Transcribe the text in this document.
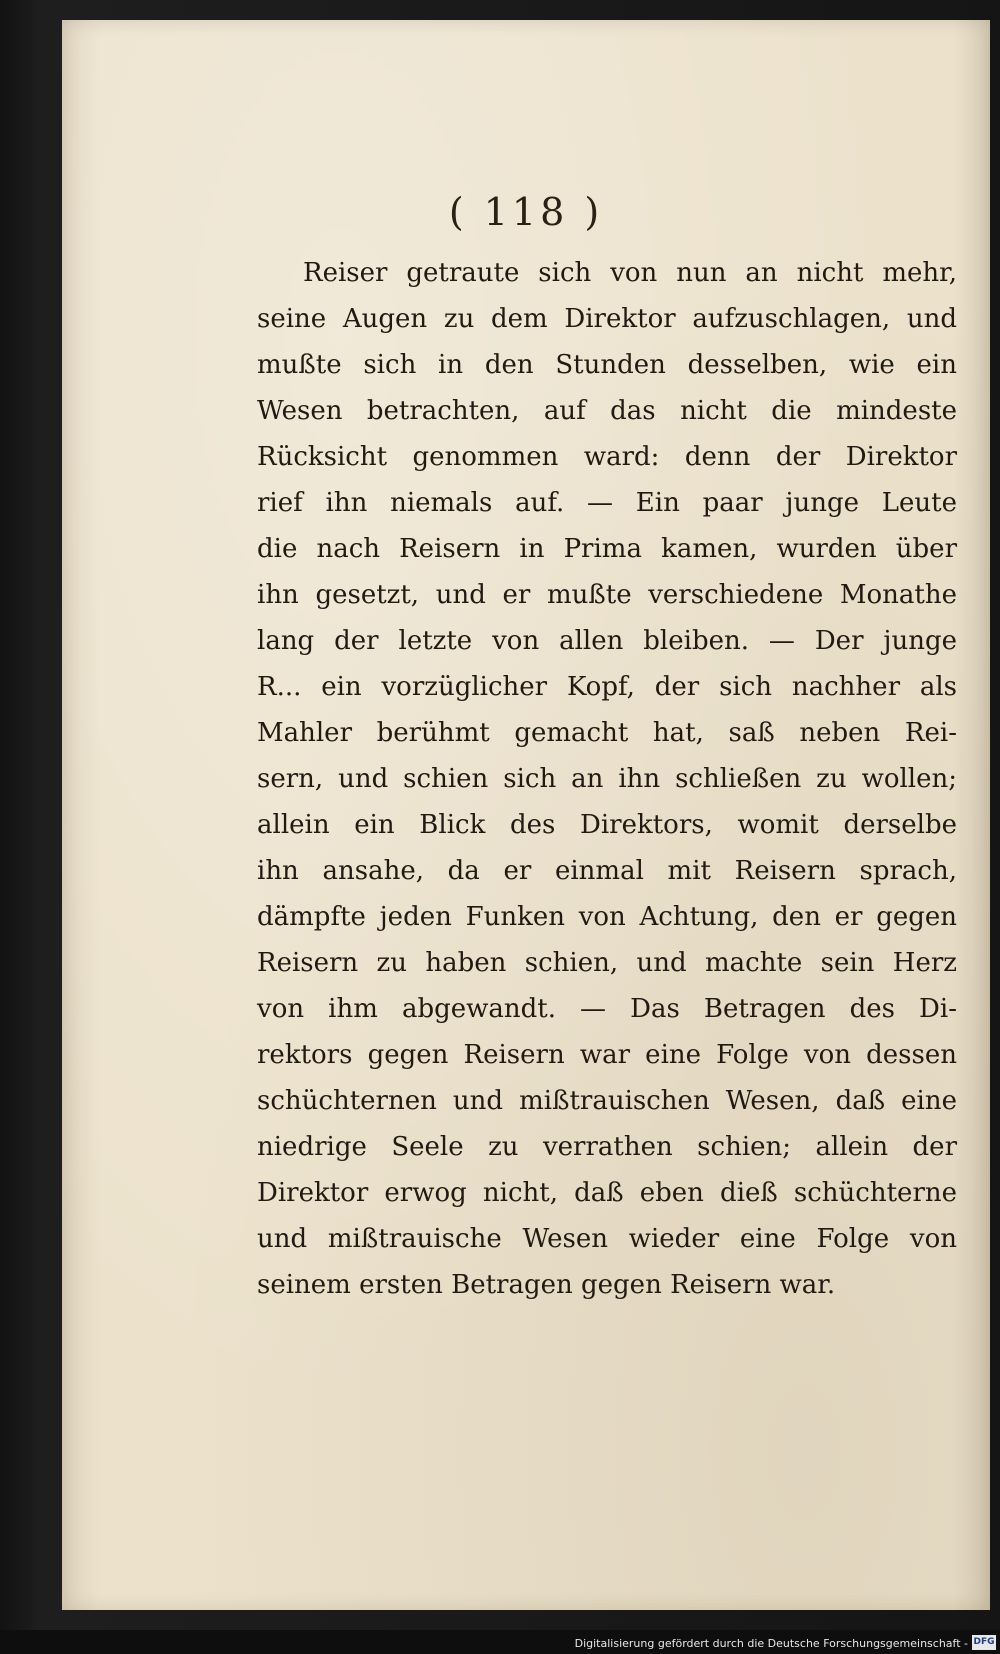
( 118 )
Reiser getraute sich von nun an nicht mehr,
seine Augen zu dem Direktor aufzuschlagen, und
mußte sich in den Stunden desselben, wie ein
Wesen betrachten, auf das nicht die mindeste
Rücksicht genommen ward: denn der Direktor
rief ihn niemals auf. — Ein paar junge Leute
die nach Reisern in Prima kamen, wurden über
ihn gesetzt, und er mußte verschiedene Monathe
lang der letzte von allen bleiben. — Der junge
R... ein vorzüglicher Kopf, der sich nachher als
Mahler berühmt gemacht hat, saß neben Rei-
sern, und schien sich an ihn schließen zu wollen;
allein ein Blick des Direktors, womit derselbe
ihn ansahe, da er einmal mit Reisern sprach,
dämpfte jeden Funken von Achtung, den er gegen
Reisern zu haben schien, und machte sein Herz
von ihm abgewandt. — Das Betragen des Di-
rektors gegen Reisern war eine Folge von dessen
schüchternen und mißtrauischen Wesen, daß eine
niedrige Seele zu verrathen schien; allein der
Direktor erwog nicht, daß eben dieß schüchterne
und mißtrauische Wesen wieder eine Folge von
seinem ersten Betragen gegen Reisern war.
Digitalisierung gefördert durch die Deutsche Forschungsgemeinschaft - DFG
